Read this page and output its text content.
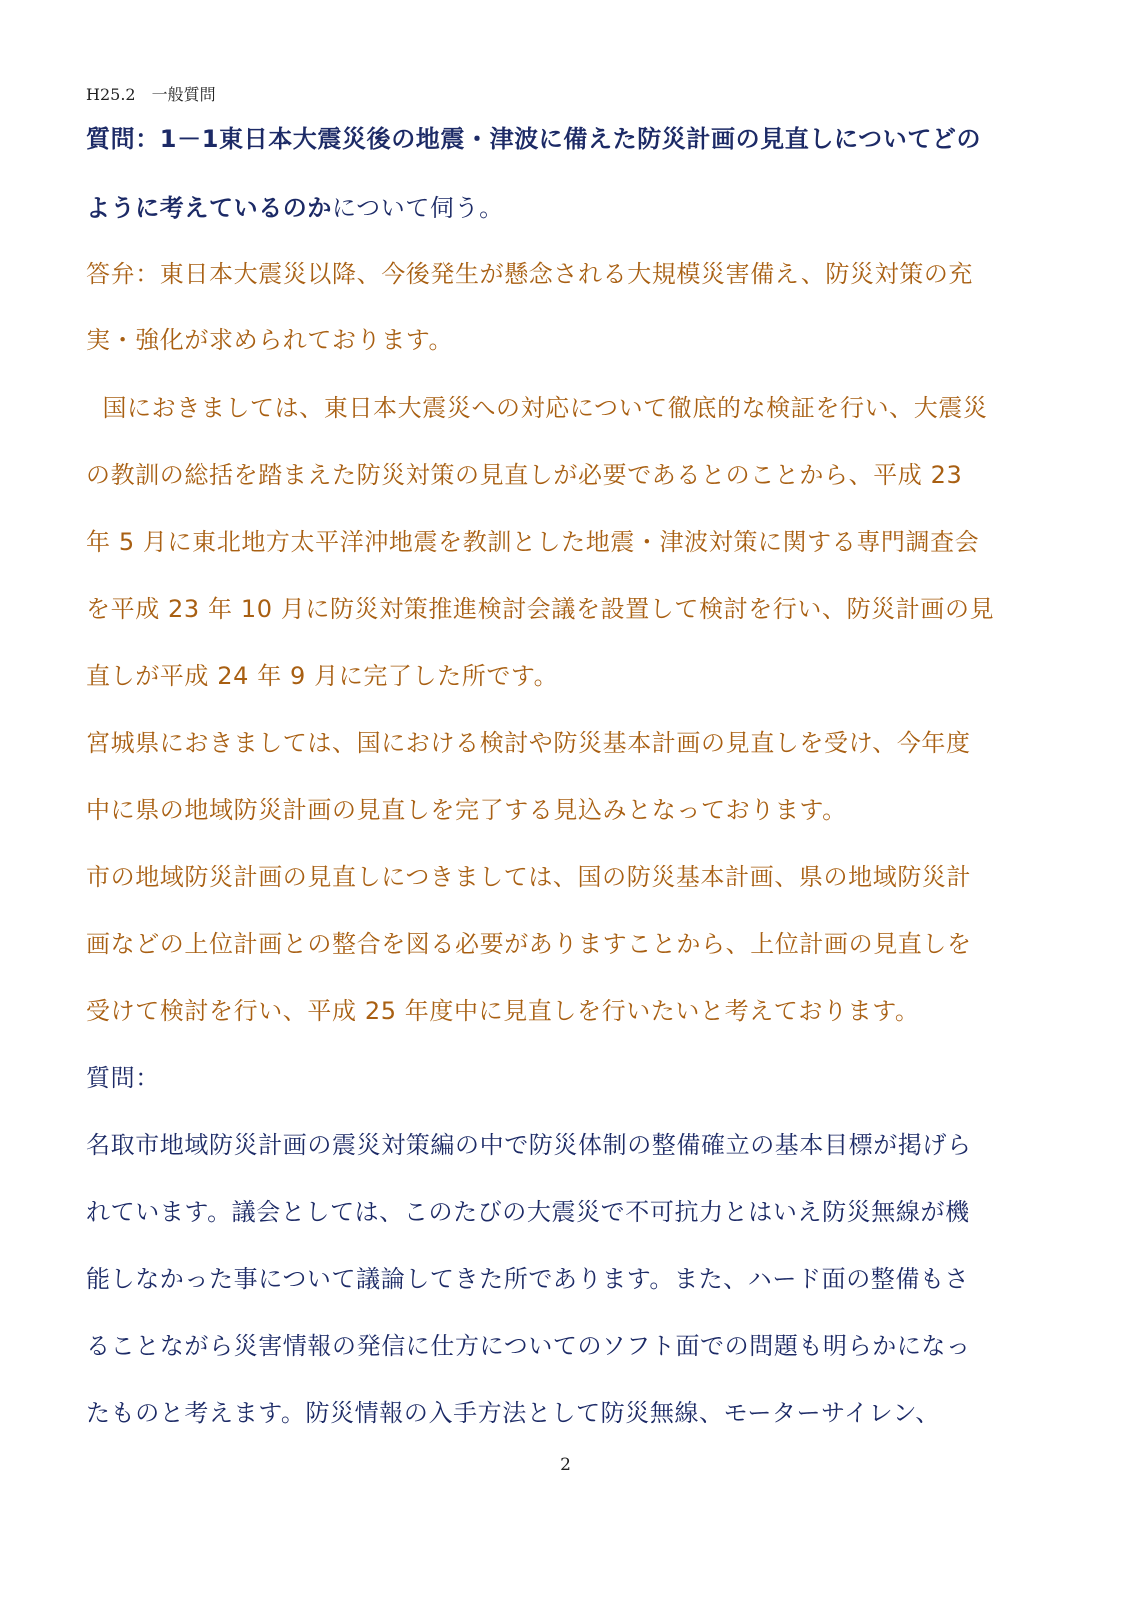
H25.2　一般質問
質問：1－1東日本大震災後の地震・津波に備えた防災計画の見直しについてどの
ように考えているのかについて伺う。
答弁：東日本大震災以降、今後発生が懸念される大規模災害備え、防災対策の充
実・強化が求められております。
国におきましては、東日本大震災への対応について徹底的な検証を行い、大震災
の教訓の総括を踏まえた防災対策の見直しが必要であるとのことから、平成 23
年 5 月に東北地方太平洋沖地震を教訓とした地震・津波対策に関する専門調査会
を平成 23 年 10 月に防災対策推進検討会議を設置して検討を行い、防災計画の見
直しが平成 24 年 9 月に完了した所です。
宮城県におきましては、国における検討や防災基本計画の見直しを受け、今年度
中に県の地域防災計画の見直しを完了する見込みとなっております。
市の地域防災計画の見直しにつきましては、国の防災基本計画、県の地域防災計
画などの上位計画との整合を図る必要がありますことから、上位計画の見直しを
受けて検討を行い、平成 25 年度中に見直しを行いたいと考えております。
質問：
名取市地域防災計画の震災対策編の中で防災体制の整備確立の基本目標が掲げら
れています。議会としては、このたびの大震災で不可抗力とはいえ防災無線が機
能しなかった事について議論してきた所であります。また、ハード面の整備もさ
ることながら災害情報の発信に仕方についてのソフト面での問題も明らかになっ
たものと考えます。防災情報の入手方法として防災無線、モーターサイレン、
2
